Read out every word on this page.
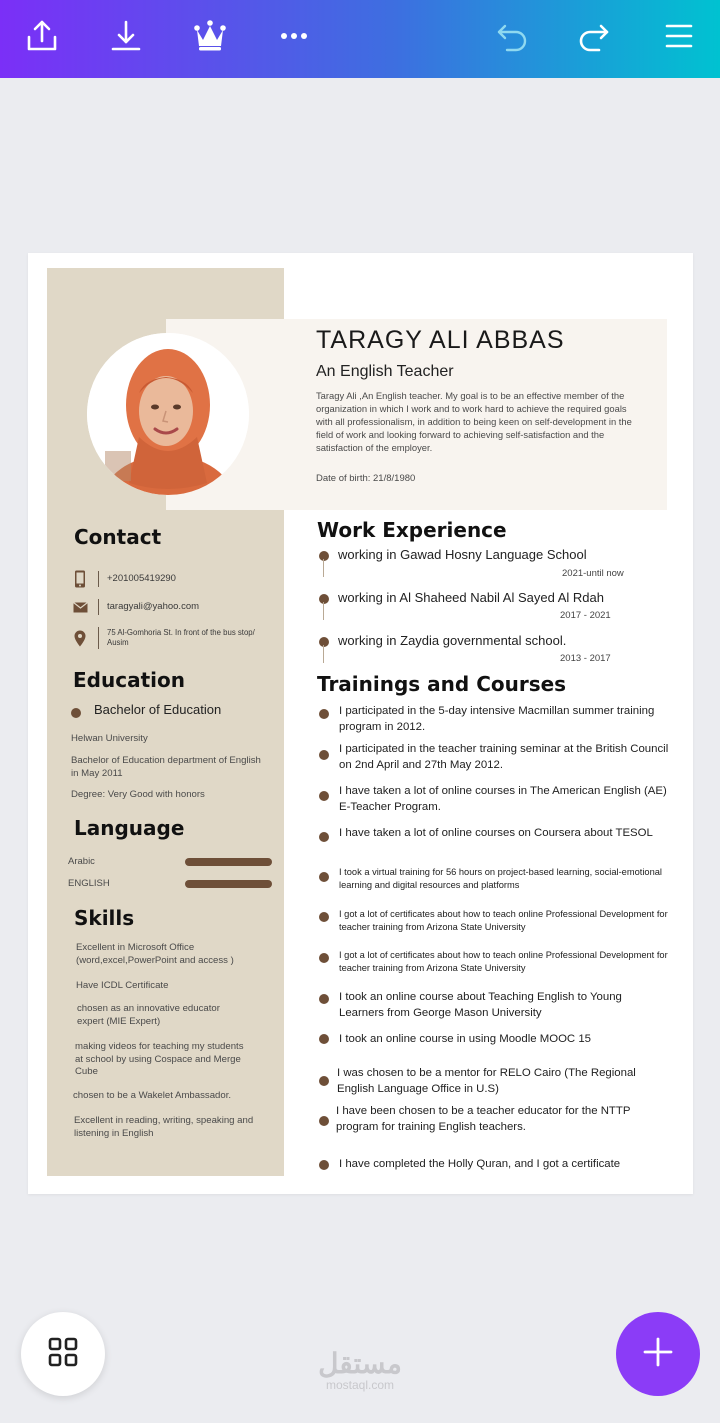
TARAGY ALI ABBAS
An English Teacher
Taragy Ali ,An English teacher. My goal is to be an effective member of the organization in which I work and to work hard to achieve the required goals with all professionalism, in addition to being keen on self-development in the field of work and looking forward to achieving self-satisfaction and the satisfaction of the employer.
Date of birth: 21/8/1980
Contact
+201005419290
taragyali@yahoo.com
75 Al-Gomhoria St. In front of the bus stop/ Ausim
Education
Bachelor of Education
Helwan University
Bachelor of Education department of English in May 2011
Degree: Very Good with honors
Language
Arabic
ENGLISH
Skills
Excellent in Microsoft Office (word,excel,PowerPoint and access )
Have ICDL Certificate
chosen as an innovative educator expert (MIE Expert)
making videos for teaching my students at school by using Cospace and Merge Cube
chosen to be a Wakelet Ambassador.
Excellent in reading, writing, speaking and listening in English
Work Experience
working in Gawad Hosny Language School
2021-until now
working in Al Shaheed Nabil Al Sayed Al Rdah
2017 - 2021
working in Zaydia governmental school.
2013 - 2017
Trainings and Courses
I participated in the 5-day intensive Macmillan summer training program in 2012.
I participated in the teacher training seminar at the British Council on 2nd April and 27th May 2012.
I have taken a lot of online courses in The American English (AE) E-Teacher Program.
I have taken a lot of online courses on Coursera about TESOL
I took a virtual training for 56 hours on project-based learning, social-emotional learning and digital resources and platforms
I got a lot of certificates about how to teach online Professional Development for teacher training from Arizona State University
I got a lot of certificates about how to teach online Professional Development for teacher training from Arizona State University
I took an online course about Teaching English to Young Learners from George Mason University
I took an online course in using Moodle MOOC 15
I was chosen to be a mentor for RELO Cairo (The Regional English Language Office in U.S)
I have been chosen to be a teacher educator for the NTTP program for training English teachers.
I have completed the Holly Quran, and I got a certificate
مستقل
mostaql.com
